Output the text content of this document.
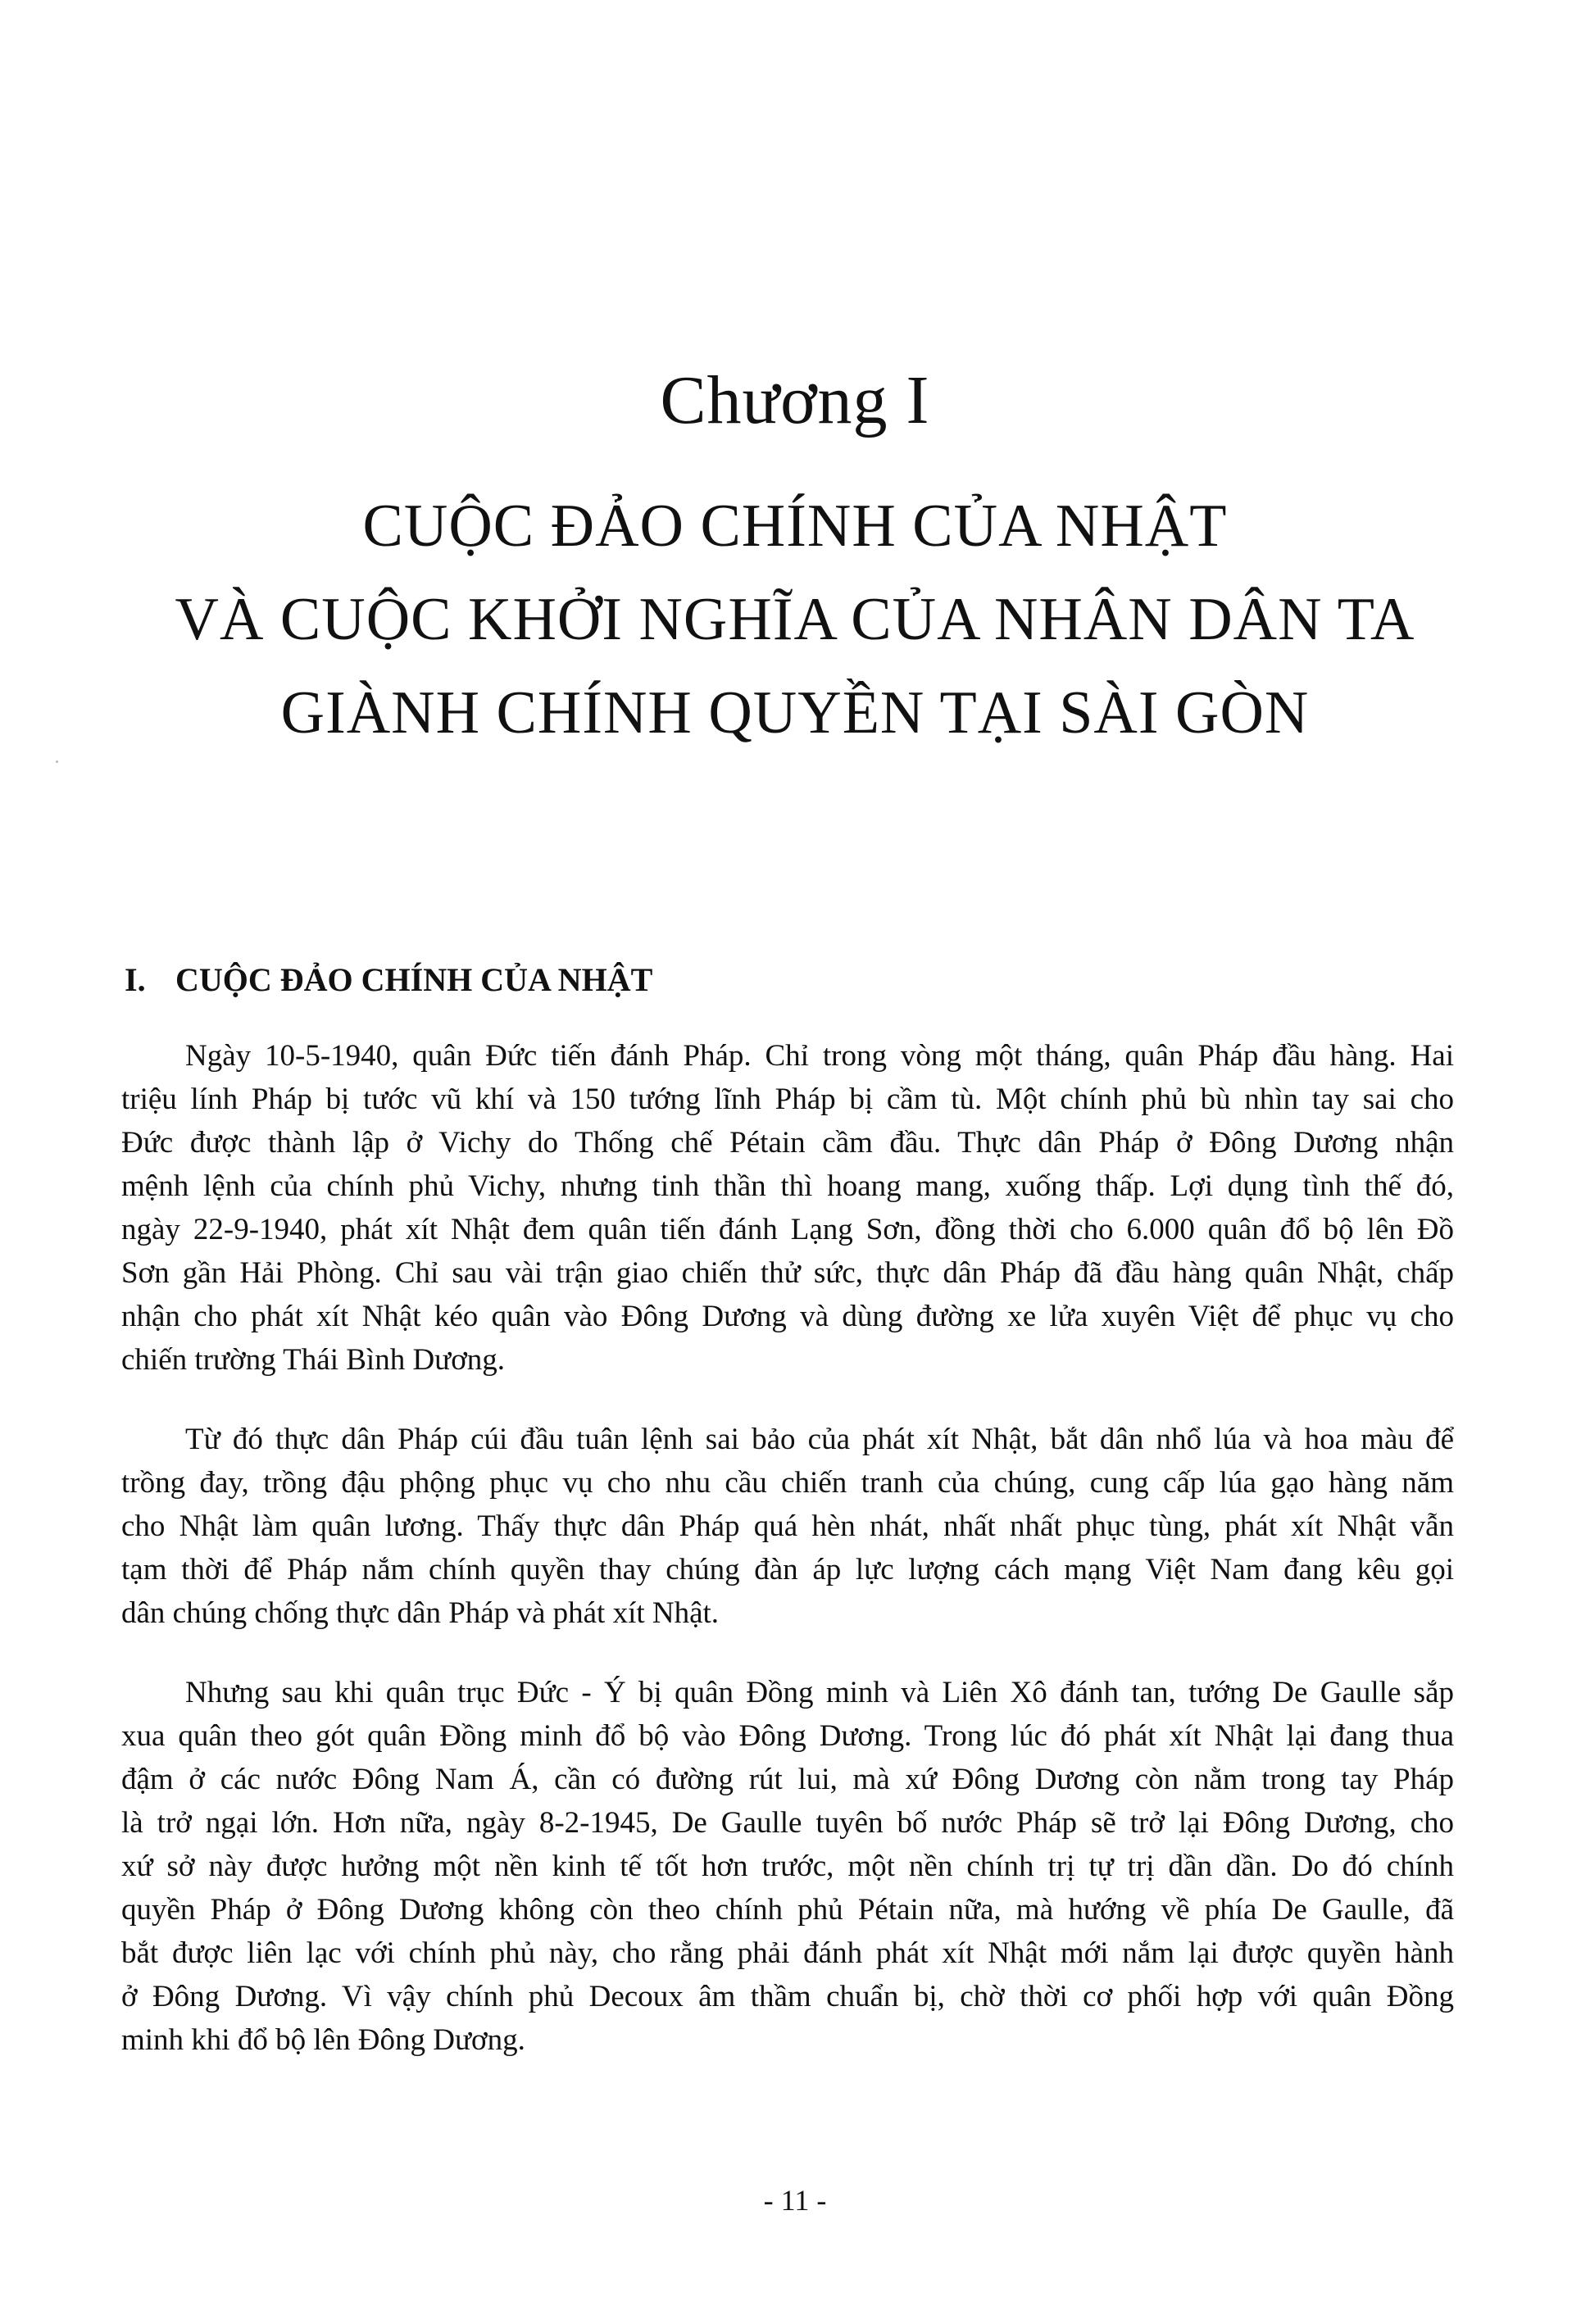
Chương I
CUỘC ĐẢO CHÍNH CỦA NHẬT
VÀ CUỘC KHỞI NGHĨA CỦA NHÂN DÂN TA
GIÀNH CHÍNH QUYỀN TẠI SÀI GÒN
I. CUỘC ĐẢO CHÍNH CỦA NHẬT
Ngày 10-5-1940, quân Đức tiến đánh Pháp. Chỉ trong vòng một tháng, quân Pháp đầu hàng. Hai
triệu lính Pháp bị tước vũ khí và 150 tướng lĩnh Pháp bị cầm tù. Một chính phủ bù nhìn tay sai cho
Đức được thành lập ở Vichy do Thống chế Pétain cầm đầu. Thực dân Pháp ở Đông Dương nhận
mệnh lệnh của chính phủ Vichy, nhưng tinh thần thì hoang mang, xuống thấp. Lợi dụng tình thế đó,
ngày 22-9-1940, phát xít Nhật đem quân tiến đánh Lạng Sơn, đồng thời cho 6.000 quân đổ bộ lên Đồ
Sơn gần Hải Phòng. Chỉ sau vài trận giao chiến thử sức, thực dân Pháp đã đầu hàng quân Nhật, chấp
nhận cho phát xít Nhật kéo quân vào Đông Dương và dùng đường xe lửa xuyên Việt để phục vụ cho
chiến trường Thái Bình Dương.
Từ đó thực dân Pháp cúi đầu tuân lệnh sai bảo của phát xít Nhật, bắt dân nhổ lúa và hoa màu để
trồng đay, trồng đậu phộng phục vụ cho nhu cầu chiến tranh của chúng, cung cấp lúa gạo hàng năm
cho Nhật làm quân lương. Thấy thực dân Pháp quá hèn nhát, nhất nhất phục tùng, phát xít Nhật vẫn
tạm thời để Pháp nắm chính quyền thay chúng đàn áp lực lượng cách mạng Việt Nam đang kêu gọi
dân chúng chống thực dân Pháp và phát xít Nhật.
Nhưng sau khi quân trục Đức - Ý bị quân Đồng minh và Liên Xô đánh tan, tướng De Gaulle sắp
xua quân theo gót quân Đồng minh đổ bộ vào Đông Dương. Trong lúc đó phát xít Nhật lại đang thua
đậm ở các nước Đông Nam Á, cần có đường rút lui, mà xứ Đông Dương còn nằm trong tay Pháp
là trở ngại lớn. Hơn nữa, ngày 8-2-1945, De Gaulle tuyên bố nước Pháp sẽ trở lại Đông Dương, cho
xứ sở này được hưởng một nền kinh tế tốt hơn trước, một nền chính trị tự trị dần dần. Do đó chính
quyền Pháp ở Đông Dương không còn theo chính phủ Pétain nữa, mà hướng về phía De Gaulle, đã
bắt được liên lạc với chính phủ này, cho rằng phải đánh phát xít Nhật mới nắm lại được quyền hành
ở Đông Dương. Vì vậy chính phủ Decoux âm thầm chuẩn bị, chờ thời cơ phối hợp với quân Đồng
minh khi đổ bộ lên Đông Dương.
- 11 -
